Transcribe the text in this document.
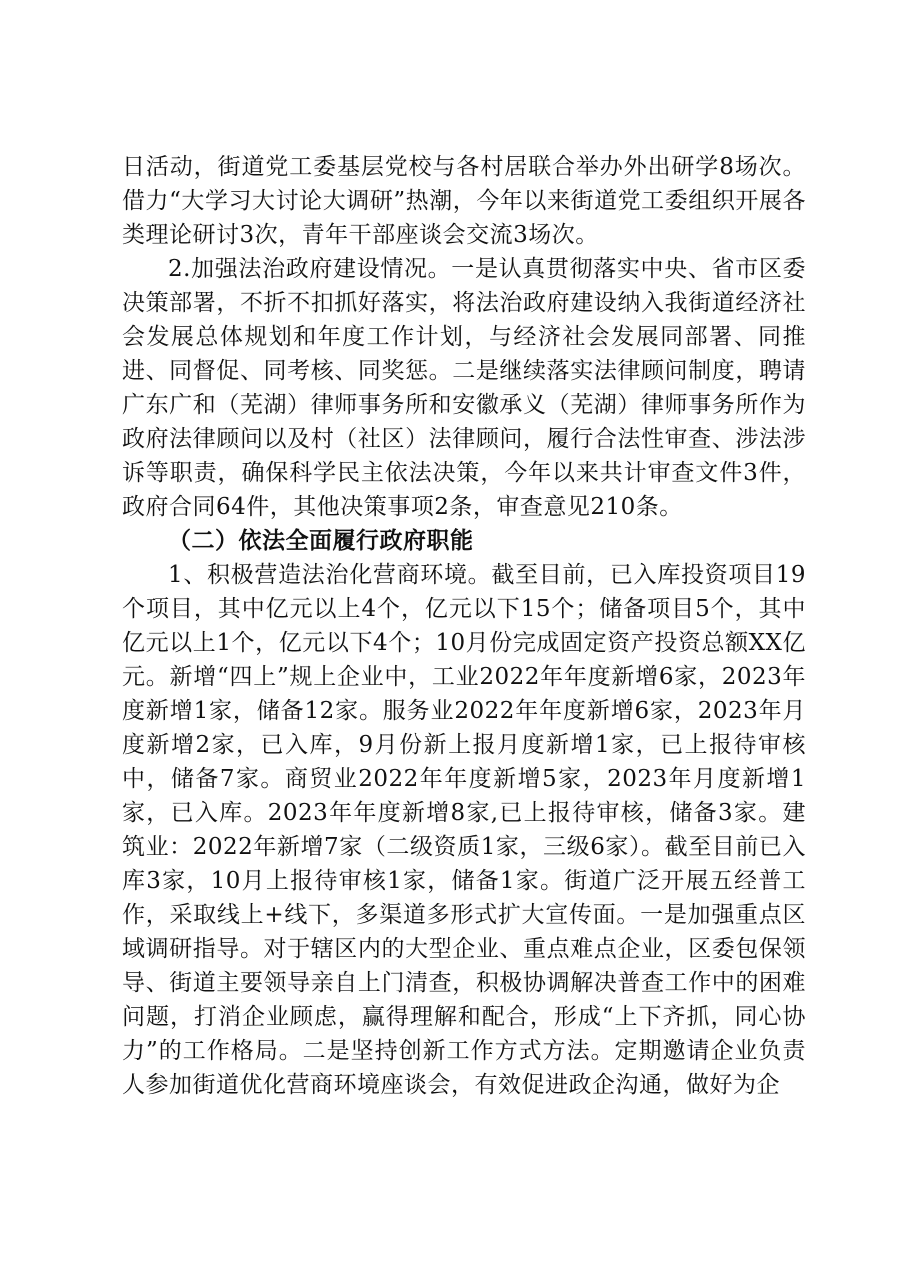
日活动，街道党工委基层党校与各村居联合举办外出研学8场次。借力“大学习大讨论大调研”热潮，今年以来街道党工委组织开展各类理论研讨3次，青年干部座谈会交流3场次。

2.加强法治政府建设情况。一是认真贯彻落实中央、省市区委决策部署，不折不扣抓好落实，将法治政府建设纳入我街道经济社会发展总体规划和年度工作计划，与经济社会发展同部署、同推进、同督促、同考核、同奖惩。二是继续落实法律顾问制度，聘请广东广和（芜湖）律师事务所和安徽承义（芜湖）律师事务所作为政府法律顾问以及村（社区）法律顾问，履行合法性审查、涉法涉诉等职责，确保科学民主依法决策，今年以来共计审查文件3件，政府合同64件，其他决策事项2条，审查意见210条。

（二）依法全面履行政府职能

1、积极营造法治化营商环境。截至目前，已入库投资项目19个项目，其中亿元以上4个，亿元以下15个；储备项目5个，其中亿元以上1个，亿元以下4个；10月份完成固定资产投资总额XX亿元。新增“四上”规上企业中，工业2022年年度新增6家，2023年度新增1家，储备12家。服务业2022年年度新增6家，2023年月度新增2家，已入库，9月份新上报月度新增1家，已上报待审核中，储备7家。商贸业2022年年度新增5家，2023年月度新增1家，已入库。2023年年度新增8家,已上报待审核，储备3家。建筑业：2022年新增7家（二级资质1家，三级6家）。截至目前已入库3家，10月上报待审核1家，储备1家。街道广泛开展五经普工作，采取线上+线下，多渠道多形式扩大宣传面。一是加强重点区域调研指导。对于辖区内的大型企业、重点难点企业，区委包保领导、街道主要领导亲自上门清查，积极协调解决普查工作中的困难问题，打消企业顾虑，赢得理解和配合，形成“上下齐抓，同心协力”的工作格局。二是坚持创新工作方式方法。定期邀请企业负责人参加街道优化营商环境座谈会，有效促进政企沟通，做好为企
